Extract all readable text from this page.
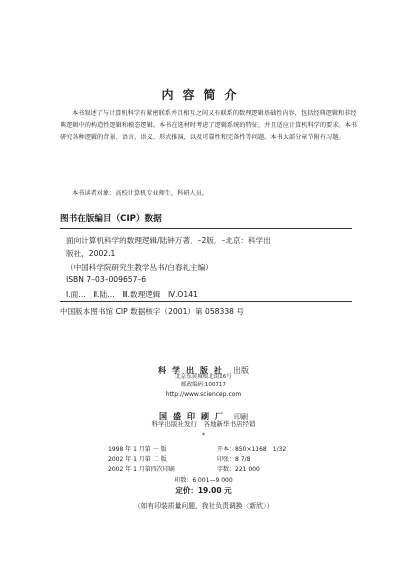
内容简介
本书叙述了与计算机科学有紧密联系并且相互之间又有联系的数理逻辑基础性内容，包括经典逻辑和非经典逻辑中的构造性逻辑和模态逻辑。本书在选材时考虑了逻辑系统的特征，并且适应计算机科学的要求。本书研究各种逻辑的背景、语言、语义、形式推演，以及可靠性和完备性等问题。本书大部分章节附有习题。
本书读者对象：高校计算机专业师生，科研人员。
图书在版编目（CIP）数据
面向计算机科学的数理逻辑/陆钟万著．–2版．–北京：科学出
版社，2002.1
（中国科学院研究生教学丛书/白春礼主编）
ISBN 7–03–009657–6
Ⅰ.面…　Ⅱ.陆…　Ⅲ.数理逻辑　Ⅳ.O141
中国版本图书馆 CIP 数据核字（2001）第 058338 号
科学出版社 出版
北京东黄城根北街16号
邮政编码:100717
http://www.sciencep.com
国盛印刷厂 印刷
科学出版社发行　各地新华书店经销
*
1998 年 1 月第 一 版
2002 年 1 月第 二 版
2002 年 1 月第四次印刷
开本：850×1168　1/32
印张：8 7/8
字数：221 000
印数：6 001—9 000
定价：19.00 元
（如有印装质量问题，我社负责调换〈新欣〉）
